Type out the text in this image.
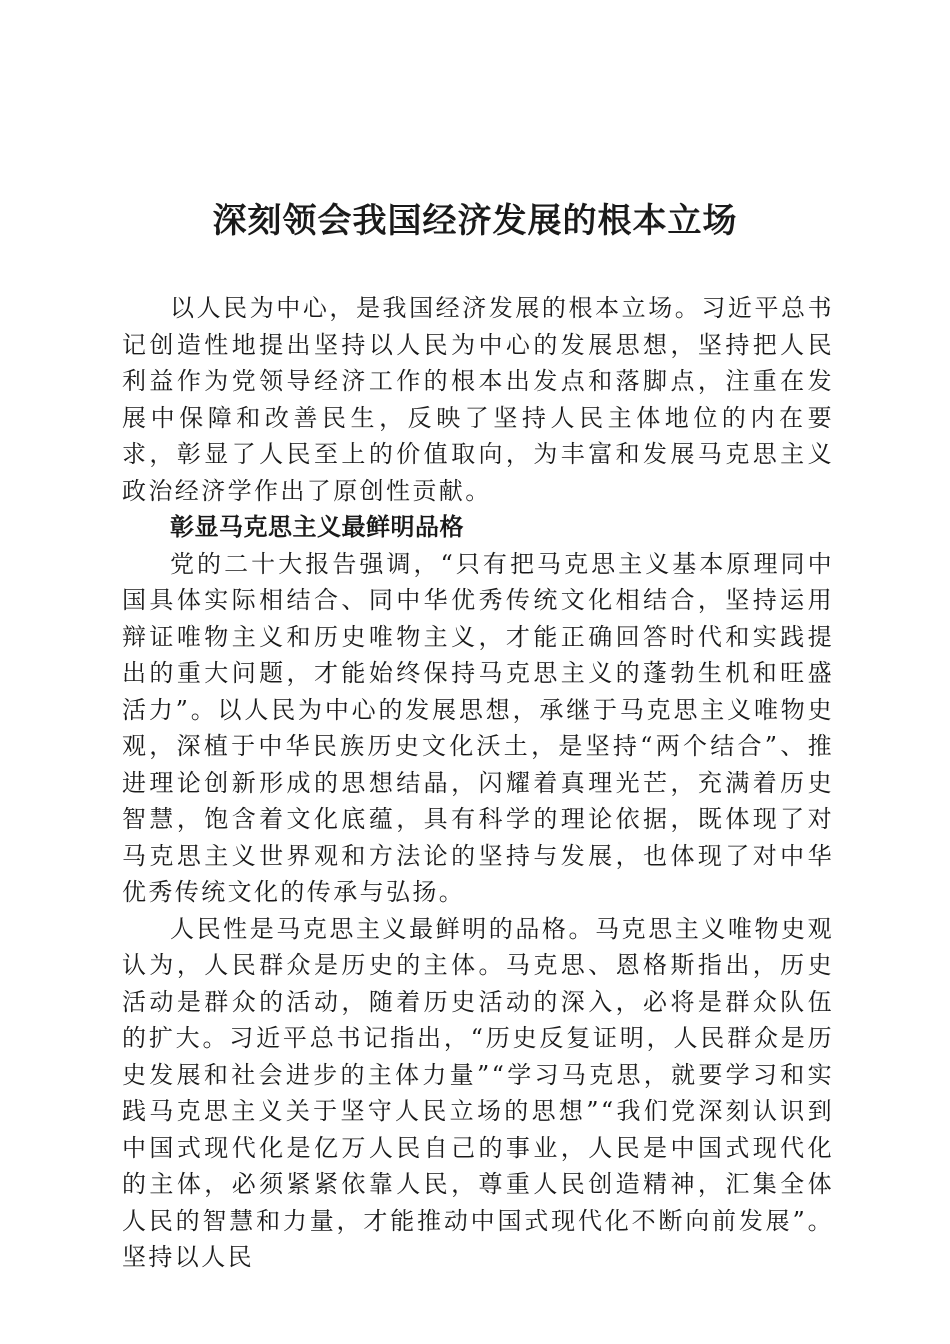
深刻领会我国经济发展的根本立场

以人民为中心，是我国经济发展的根本立场。习近平总书记创造性地提出坚持以人民为中心的发展思想，坚持把人民利益作为党领导经济工作的根本出发点和落脚点，注重在发展中保障和改善民生，反映了坚持人民主体地位的内在要求，彰显了人民至上的价值取向，为丰富和发展马克思主义政治经济学作出了原创性贡献。

彰显马克思主义最鲜明品格

党的二十大报告强调，“只有把马克思主义基本原理同中国具体实际相结合、同中华优秀传统文化相结合，坚持运用辩证唯物主义和历史唯物主义，才能正确回答时代和实践提出的重大问题，才能始终保持马克思主义的蓬勃生机和旺盛活力”。以人民为中心的发展思想，承继于马克思主义唯物史观，深植于中华民族历史文化沃土，是坚持“两个结合”、推进理论创新形成的思想结晶，闪耀着真理光芒，充满着历史智慧，饱含着文化底蕴，具有科学的理论依据，既体现了对马克思主义世界观和方法论的坚持与发展，也体现了对中华优秀传统文化的传承与弘扬。

人民性是马克思主义最鲜明的品格。马克思主义唯物史观认为，人民群众是历史的主体。马克思、恩格斯指出，历史活动是群众的活动，随着历史活动的深入，必将是群众队伍的扩大。习近平总书记指出，“历史反复证明，人民群众是历史发展和社会进步的主体力量”“学习马克思，就要学习和实践马克思主义关于坚守人民立场的思想”“我们党深刻认识到中国式现代化是亿万人民自己的事业，人民是中国式现代化的主体，必须紧紧依靠人民，尊重人民创造精神，汇集全体人民的智慧和力量，才能推动中国式现代化不断向前发展”。坚持以人民
